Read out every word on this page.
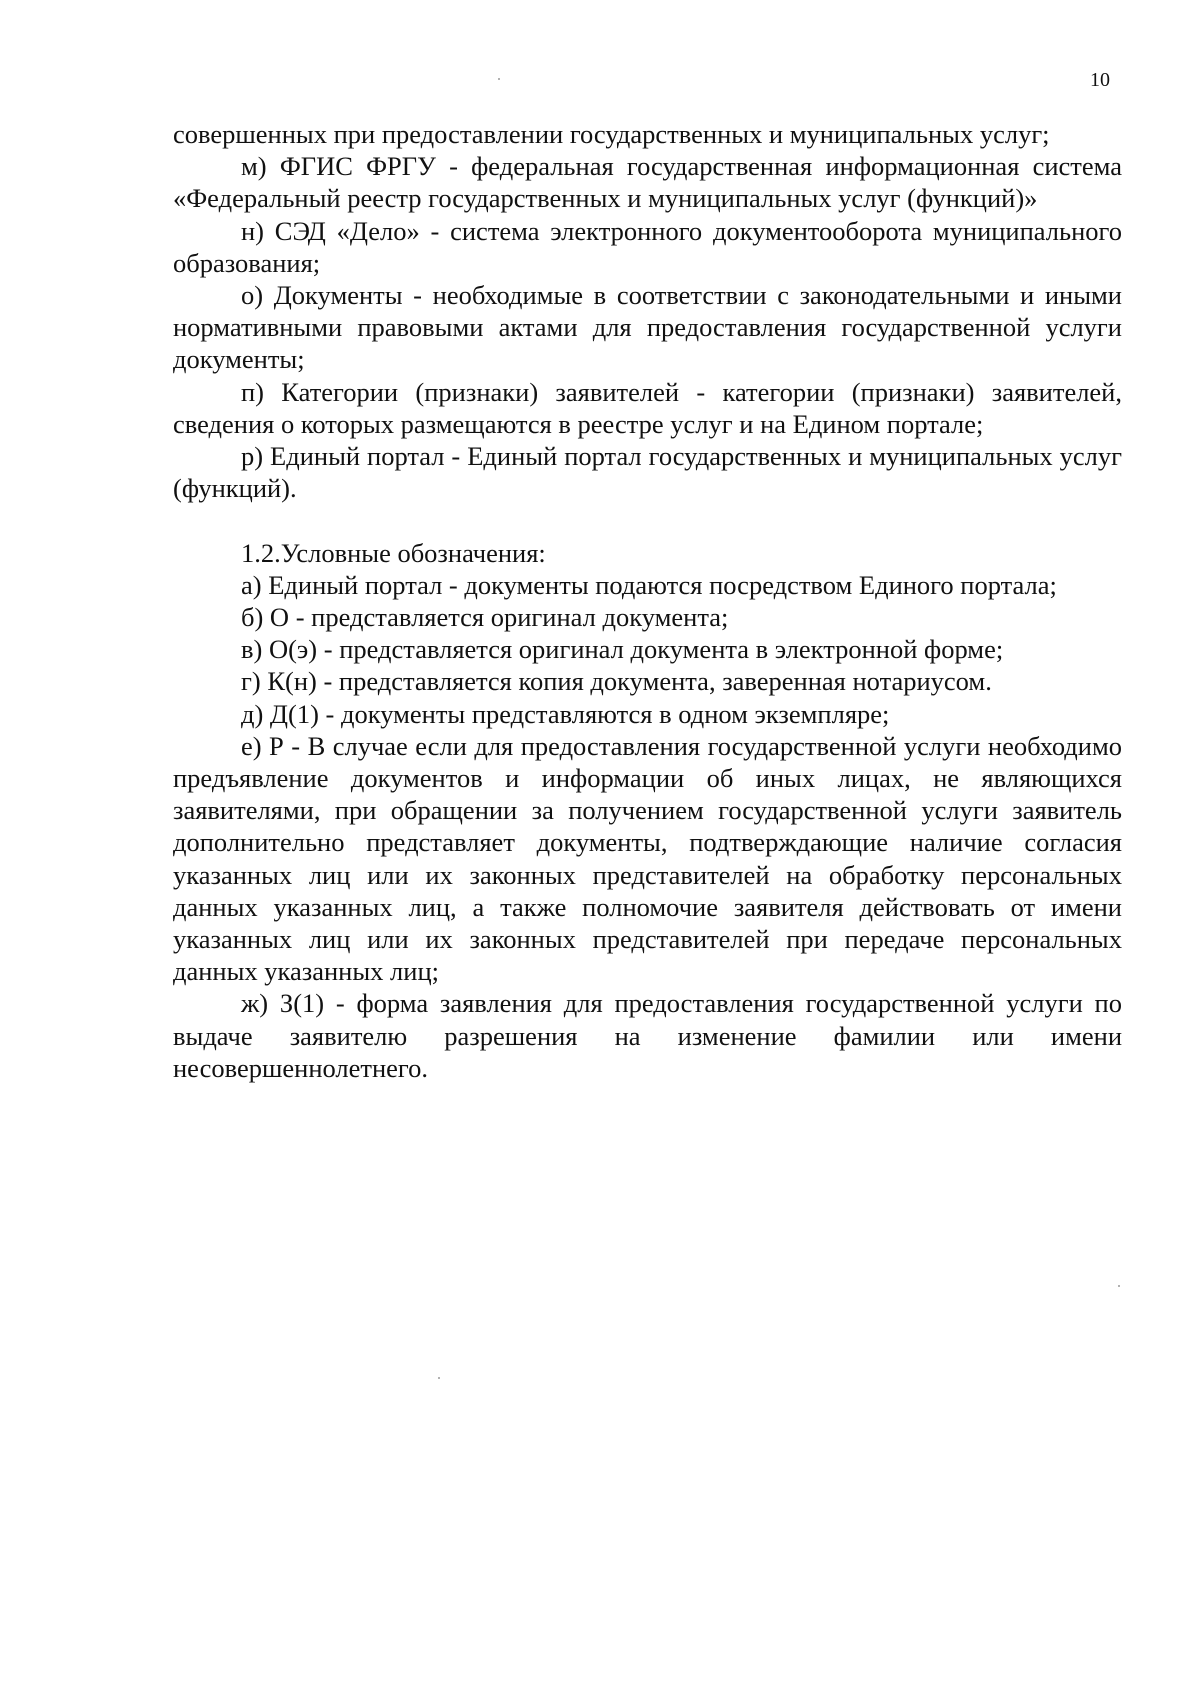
10

совершенных при предоставлении государственных и муниципальных услуг;

м) ФГИС ФРГУ - федеральная государственная информационная система «Федеральный реестр государственных и муниципальных услуг (функций)»

н) СЭД «Дело» - система электронного документооборота муниципального образования;

о) Документы - необходимые в соответствии с законодательными и иными нормативными правовыми актами для предоставления государственной услуги документы;

п) Категории (признаки) заявителей - категории (признаки) заявителей, сведения о которых размещаются в реестре услуг и на Едином портале;

р) Единый портал - Единый портал государственных и муниципальных услуг (функций).

1.2.Условные обозначения:

а) Единый портал - документы подаются посредством Единого портала;

б) О - представляется оригинал документа;

в) О(э) - представляется оригинал документа в электронной форме;

г) К(н) - представляется копия документа, заверенная нотариусом.

д) Д(1) - документы представляются в одном экземпляре;

е) Р - В случае если для предоставления государственной услуги необходимо предъявление документов и информации об иных лицах, не являющихся заявителями, при обращении за получением государственной услуги заявитель дополнительно представляет документы, подтверждающие наличие согласия указанных лиц или их законных представителей на обработку персональных данных указанных лиц, а также полномочие заявителя действовать от имени указанных лиц или их законных представителей при передаче персональных данных указанных лиц;

ж) З(1) - форма заявления для предоставления государственной услуги по выдаче заявителю разрешения на изменение фамилии или имени несовершеннолетнего.
